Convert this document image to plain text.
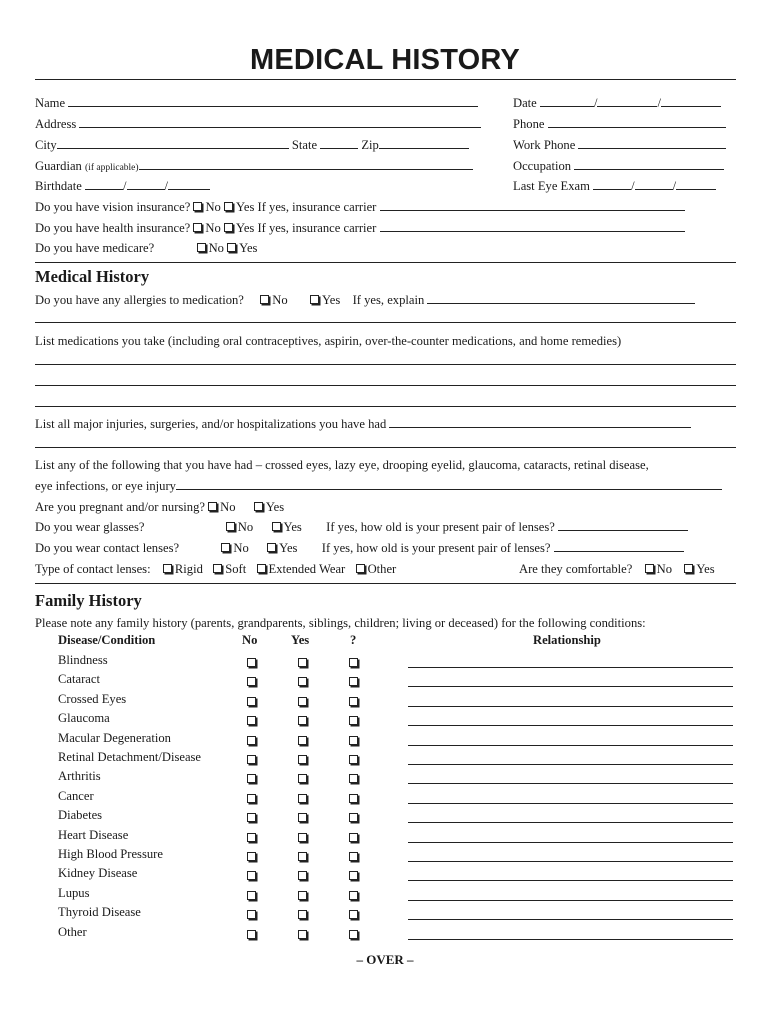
MEDICAL HISTORY
Name
Address
City	State	Zip
Guardian (if applicable)
Birthdate	/	/
Date	/	/
Phone
Work Phone
Occupation
Last Eye Exam	/	/
Do you have vision insurance? No Yes If yes, insurance carrier
Do you have health insurance? No Yes If yes, insurance carrier
Do you have medicare?	No Yes
Medical History
Do you have any allergies to medication? No	Yes If yes, explain
List medications you take (including oral contraceptives, aspirin, over-the-counter medications, and home remedies)
List all major injuries, surgeries, and/or hospitalizations you have had
List any of the following that you have had – crossed eyes, lazy eye, drooping eyelid, glaucoma, cataracts, retinal disease,
eye infections, or eye injury
Are you pregnant and/or nursing? No Yes
Do you wear glasses?	No Yes If yes, how old is your present pair of lenses?
Do you wear contact lenses?	No Yes If yes, how old is your present pair of lenses?
Type of contact lenses: Rigid Soft Extended Wear Other	Are they comfortable? No Yes
Family History
Please note any family history (parents, grandparents, siblings, children; living or deceased) for the following conditions:
Disease/Condition	No	Yes	?	Relationship
Blindness
Cataract
Crossed Eyes
Glaucoma
Macular Degeneration
Retinal Detachment/Disease
Arthritis
Cancer
Diabetes
Heart Disease
High Blood Pressure
Kidney Disease
Lupus
Thyroid Disease
Other
– OVER –
